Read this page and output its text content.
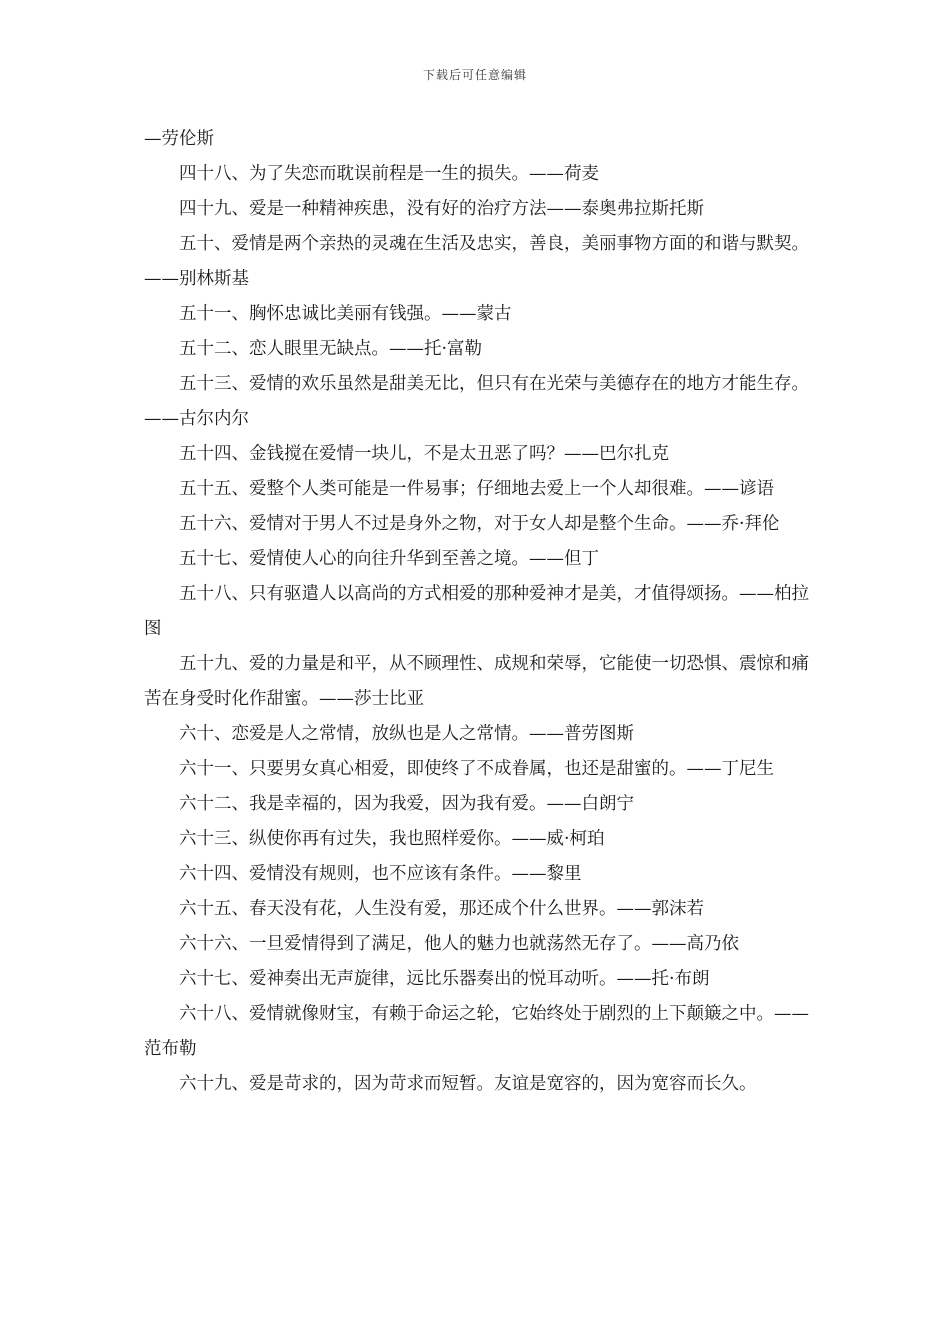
下载后可任意编辑

—劳伦斯

四十八、为了失恋而耽误前程是一生的损失。——荷麦

四十九、爱是一种精神疾患，没有好的治疗方法——泰奥弗拉斯托斯

五十、爱情是两个亲热的灵魂在生活及忠实，善良，美丽事物方面的和谐与默契。——别林斯基

五十一、胸怀忠诚比美丽有钱强。——蒙古

五十二、恋人眼里无缺点。——托·富勒

五十三、爱情的欢乐虽然是甜美无比，但只有在光荣与美德存在的地方才能生存。——古尔内尔

五十四、金钱搅在爱情一块儿，不是太丑恶了吗？——巴尔扎克

五十五、爱整个人类可能是一件易事；仔细地去爱上一个人却很难。——谚语

五十六、爱情对于男人不过是身外之物，对于女人却是整个生命。——乔·拜伦

五十七、爱情使人心的向往升华到至善之境。——但丁

五十八、只有驱遣人以高尚的方式相爱的那种爱神才是美，才值得颂扬。——柏拉图

五十九、爱的力量是和平，从不顾理性、成规和荣辱，它能使一切恐惧、震惊和痛苦在身受时化作甜蜜。——莎士比亚

六十、恋爱是人之常情，放纵也是人之常情。——普劳图斯

六十一、只要男女真心相爱，即使终了不成眷属，也还是甜蜜的。——丁尼生

六十二、我是幸福的，因为我爱，因为我有爱。——白朗宁

六十三、纵使你再有过失，我也照样爱你。——威·柯珀

六十四、爱情没有规则，也不应该有条件。——黎里

六十五、春天没有花，人生没有爱，那还成个什么世界。——郭沫若

六十六、一旦爱情得到了满足，他人的魅力也就荡然无存了。——高乃依

六十七、爱神奏出无声旋律，远比乐器奏出的悦耳动听。——托·布朗

六十八、爱情就像财宝，有赖于命运之轮，它始终处于剧烈的上下颠簸之中。——范布勒

六十九、爱是苛求的，因为苛求而短暂。友谊是宽容的，因为宽容而长久。
